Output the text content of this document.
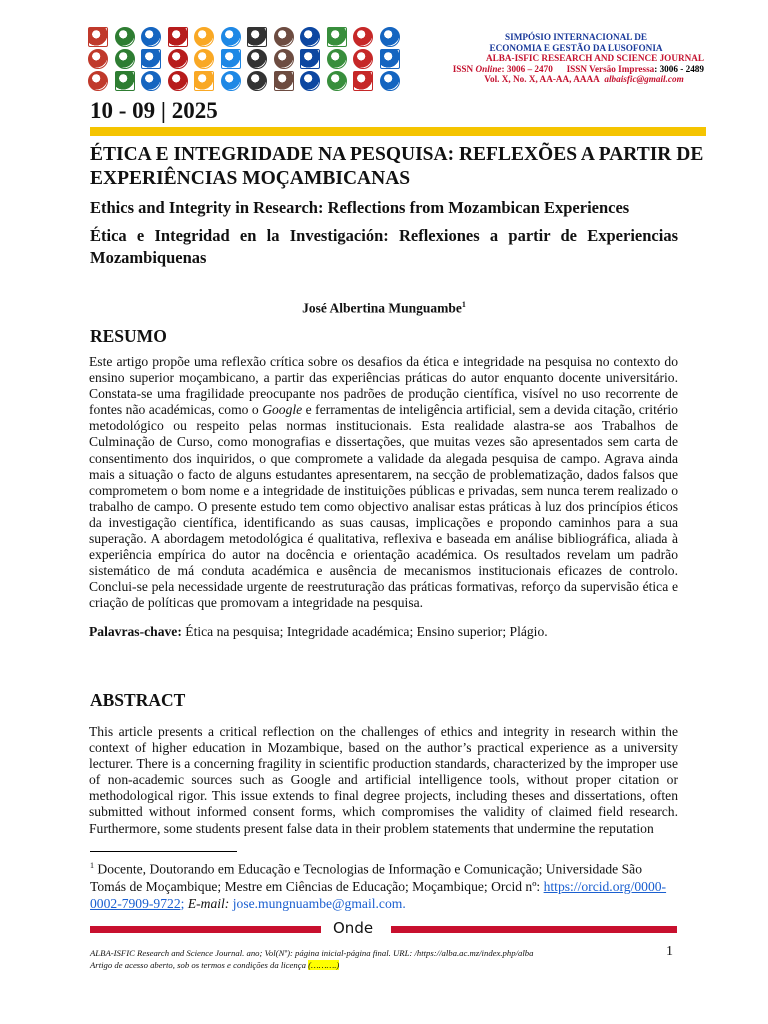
SIMPÓSIO INTERNACIONAL DE
ECONOMIA E GESTÃO DA LUSOFONIA
ALBA-ISFIC RESEARCH AND SCIENCE JOURNAL
ISSN Online: 3006 – 2470 ISSN Versão Impressa: 3006 - 2489
Vol. X, No. X, AA-AA, AAAA albaisfic@gmail.com
10 - 09 | 2025
ÉTICA E INTEGRIDADE NA PESQUISA: REFLEXÕES A PARTIR DE EXPERIÊNCIAS MOÇAMBICANAS
Ethics and Integrity in Research: Reflections from Mozambican Experiences
Ética e Integridad en la Investigación: Reflexiones a partir de Experiencias Mozambiquenas
José Albertina Munguambe$^1$
RESUMO

Este artigo propõe uma reflexão crítica sobre os desafios da ética e integridade na pesquisa no contexto do ensino superior moçambicano, a partir das experiências práticas do autor enquanto docente universitário. Constata-se uma fragilidade preocupante nos padrões de produção científica, visível no uso recorrente de fontes não académicas, como o Google e ferramentas de inteligência artificial, sem a devida citação, critério metodológico ou respeito pelas normas institucionais. Esta realidade alastra-se aos Trabalhos de Culminação de Curso, como monografias e dissertações, que muitas vezes são apresentados sem carta de consentimento dos inquiridos, o que compromete a validade da alegada pesquisa de campo. Agrava ainda mais a situação o facto de alguns estudantes apresentarem, na secção de problematização, dados falsos que comprometem o bom nome e a integridade de instituições públicas e privadas, sem nunca terem realizado o trabalho de campo. O presente estudo tem como objectivo analisar estas práticas à luz dos princípios éticos da investigação científica, identificando as suas causas, implicações e propondo caminhos para a sua superação. A abordagem metodológica é qualitativa, reflexiva e baseada em análise bibliográfica, aliada à experiência empírica do autor na docência e orientação académica. Os resultados revelam um padrão sistemático de má conduta académica e ausência de mecanismos institucionais eficazes de controlo. Conclui-se pela necessidade urgente de reestruturação das práticas formativas, reforço da supervisão ética e criação de políticas que promovam a integridade na pesquisa.

Palavras-chave: Ética na pesquisa; Integridade académica; Ensino superior; Plágio.
ABSTRACT

This article presents a critical reflection on the challenges of ethics and integrity in research within the context of higher education in Mozambique, based on the author’s practical experience as a university lecturer. There is a concerning fragility in scientific production standards, characterized by the improper use of non-academic sources such as Google and artificial intelligence tools, without proper citation or methodological rigor. This issue extends to final degree projects, including theses and dissertations, often submitted without informed consent forms, which compromises the validity of claimed field research. Furthermore, some students present false data in their problem statements that undermine the reputation

$^1$ Docente, Doutorando em Educação e Tecnologias de Informação e Comunicação; Universidade São Tomás de Moçambique; Mestre em Ciências de Educação; Moçambique; Orcid nº: https://orcid.org/0000-0002-7909-9722; E-mail: jose.mungnuambe@gmail.com.
Onde
ALBA-ISFIC Research and Science Journal. ano; Vol(Nº): página inicial-página final. URL: /https://alba.ac.mz/index.php/alba
Artigo de acesso aberto, sob os termos e condições da licença (……….)
1
